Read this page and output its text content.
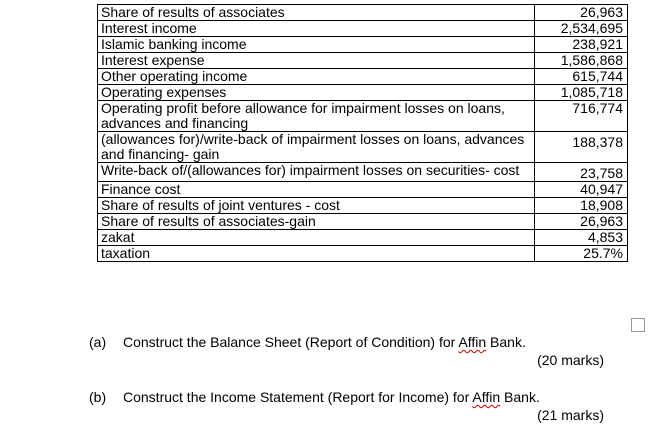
Share of results of associates	26,963
Interest income	2,534,695
Islamic banking income	238,921
Interest expense	1,586,868
Other operating income	615,744
Operating expenses	1,085,718
Operating profit before allowance for impairment losses on loans, advances and financing	716,774
(allowances for)/write-back of impairment losses on loans, advances and financing- gain	188,378
Write-back of/(allowances for) impairment losses on securities- cost	23,758
Finance cost	40,947
Share of results of joint ventures - cost	18,908
Share of results of associates-gain	26,963
zakat	4,853
taxation	25.7%
(a) Construct the Balance Sheet (Report of Condition) for Affin Bank.
(20 marks)
(b) Construct the Income Statement (Report for Income) for Affin Bank.
(21 marks)
